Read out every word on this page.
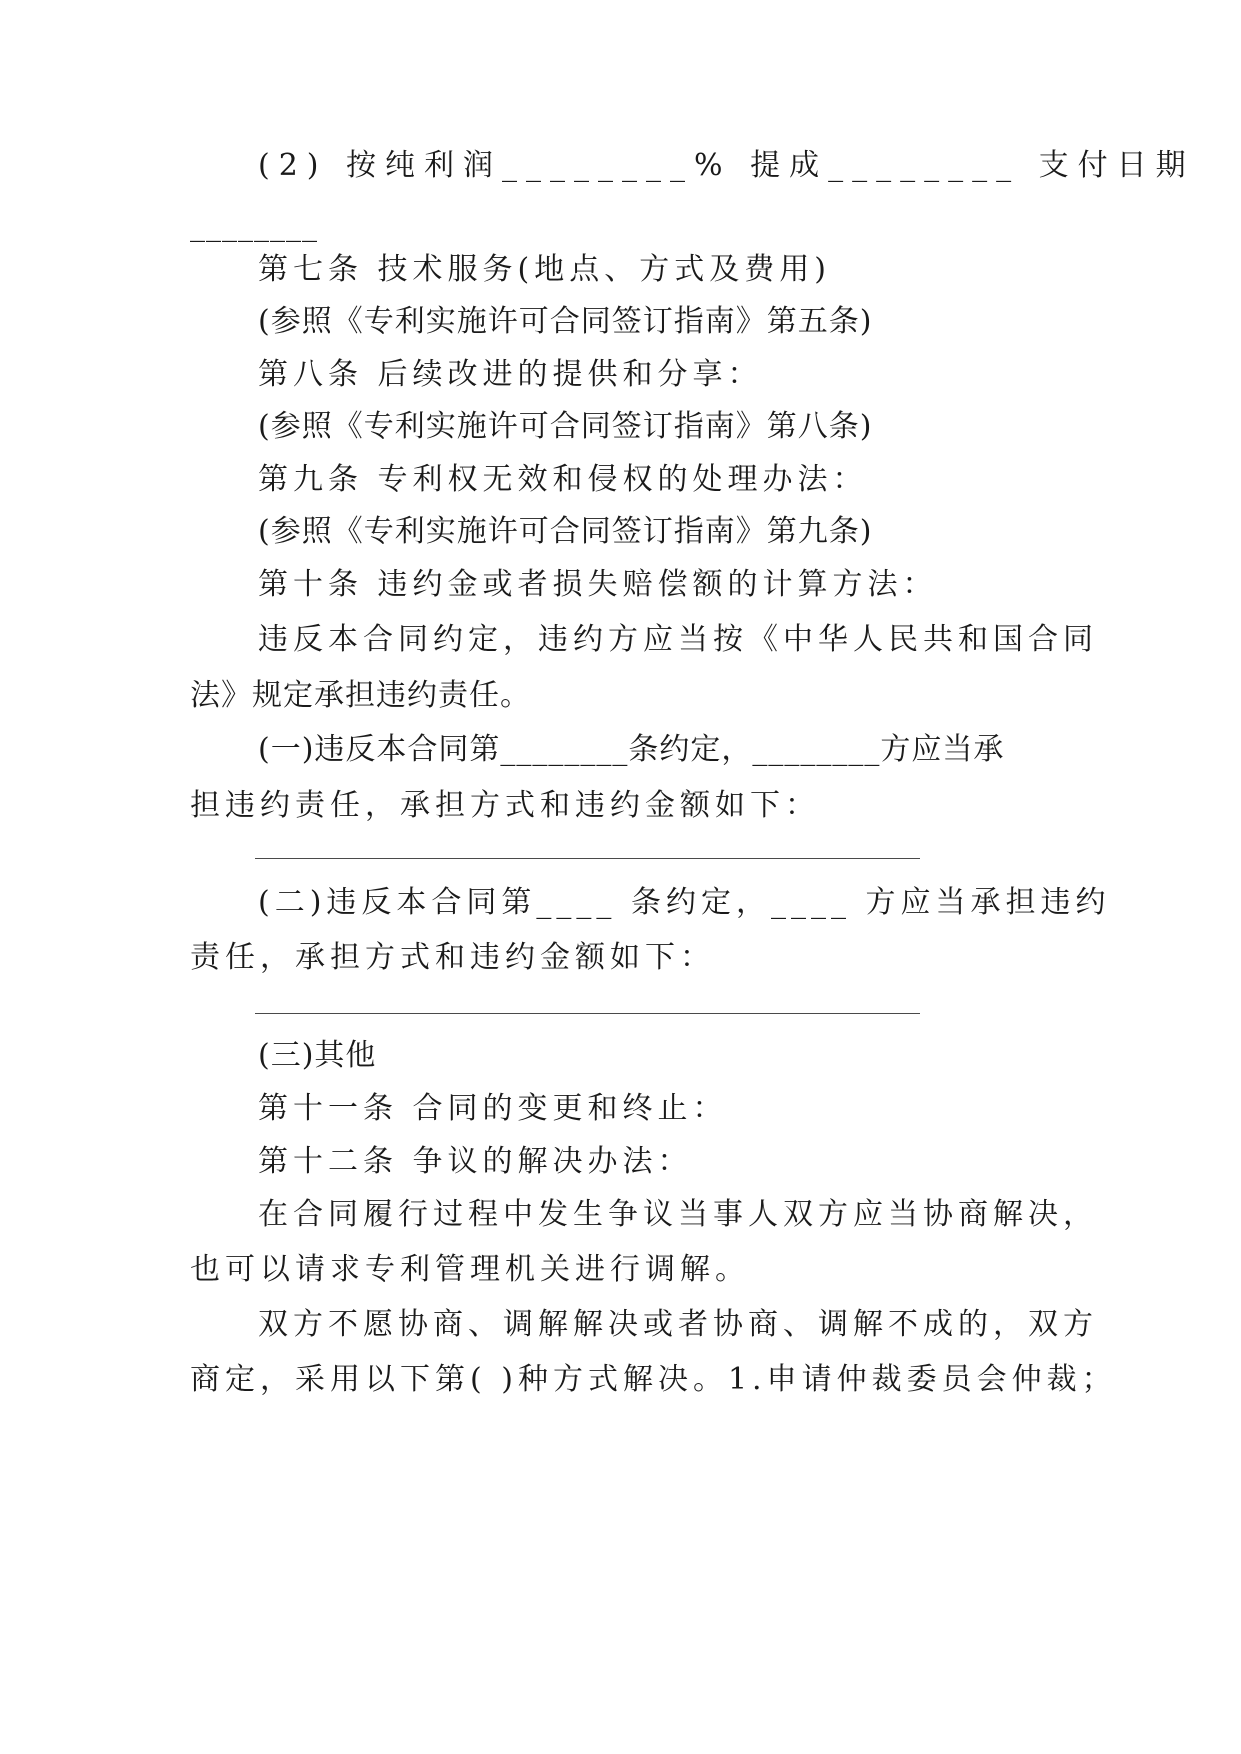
(2) 按纯利润________% 提成________ 支付日期
________
第七条 技术服务(地点、方式及费用)
(参照《专利实施许可合同签订指南》第五条)
第八条 后续改进的提供和分享：
(参照《专利实施许可合同签订指南》第八条)
第九条 专利权无效和侵权的处理办法：
(参照《专利实施许可合同签订指南》第九条)
第十条 违约金或者损失赔偿额的计算方法：
违反本合同约定，违约方应当按《中华人民共和国合同
法》规定承担违约责任。
(一)违反本合同第________条约定，________方应当承
担违约责任，承担方式和违约金额如下：
(二)违反本合同第____ 条约定，____ 方应当承担违约
责任，承担方式和违约金额如下：
(三)其他
第十一条 合同的变更和终止：
第十二条 争议的解决办法：
在合同履行过程中发生争议当事人双方应当协商解决，
也可以请求专利管理机关进行调解。
双方不愿协商、调解解决或者协商、调解不成的，双方
商定，采用以下第( )种方式解决。1.申请仲裁委员会仲裁；
